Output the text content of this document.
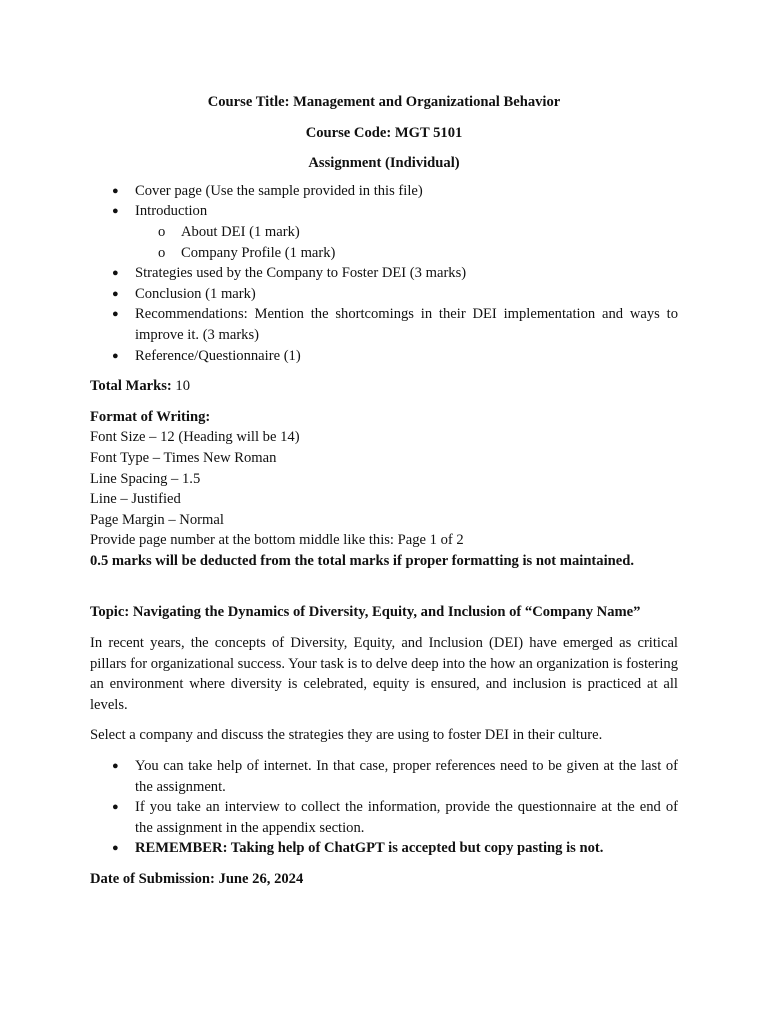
Course Title: Management and Organizational Behavior

Course Code: MGT 5101

Assignment (Individual)

● Cover page (Use the sample provided in this file)
● Introduction
o About DEI (1 mark)
o Company Profile (1 mark)
● Strategies used by the Company to Foster DEI (3 marks)
● Conclusion (1 mark)
● Recommendations: Mention the shortcomings in their DEI implementation and ways to improve it. (3 marks)
● Reference/Questionnaire (1)

Total Marks: 10

Format of Writing:

Font Size – 12 (Heading will be 14)

Font Type – Times New Roman

Line Spacing – 1.5

Line – Justified

Page Margin – Normal

Provide page number at the bottom middle like this: Page 1 of 2

0.5 marks will be deducted from the total marks if proper formatting is not maintained.

Topic: Navigating the Dynamics of Diversity, Equity, and Inclusion of “Company Name”

In recent years, the concepts of Diversity, Equity, and Inclusion (DEI) have emerged as critical pillars for organizational success. Your task is to delve deep into the how an organization is fostering an environment where diversity is celebrated, equity is ensured, and inclusion is practiced at all levels.

Select a company and discuss the strategies they are using to foster DEI in their culture.

● You can take help of internet. In that case, proper references need to be given at the last of the assignment.
● If you take an interview to collect the information, provide the questionnaire at the end of the assignment in the appendix section.
● REMEMBER: Taking help of ChatGPT is accepted but copy pasting is not.

Date of Submission: June 26, 2024
